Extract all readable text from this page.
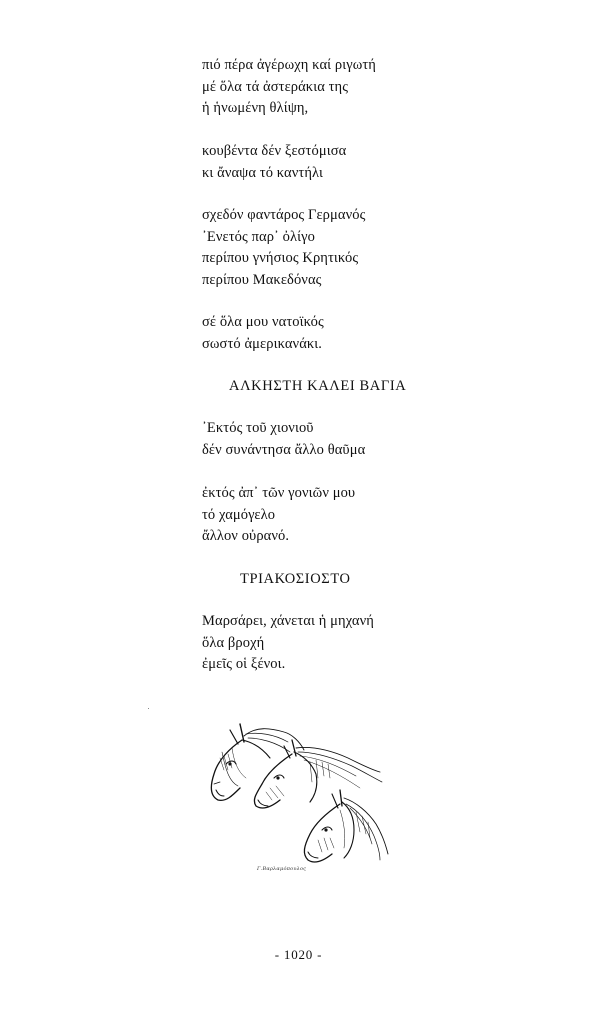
πιό πέρα ἀγέρωχη καί ριγωτή
μέ ὅλα τά ἀστεράκια της
ἡ ἡνωμένη θλίψη,
κουβέντα δέν ξεστόμισα
κι ἄναψα τό καντήλι
σχεδόν φαντάρος Γερμανός
᾿Ενετός παρ᾿ ὀλίγο
περίπου γνήσιος Κρητικός
περίπου Μακεδόνας
σέ ὅλα μου νατοϊκός
σωστό ἀμερικανάκι.
ΑΛΚΗΣΤΗ ΚΑΛΕΙ ΒΑΓΙΑ
᾿Εκτός τοῦ χιονιοῦ
δέν συνάντησα ἄλλο θαῦμα
ἐκτός ἀπ᾿ τῶν γονιῶν μου
τό χαμόγελο
ἄλλον οὐρανό.
ΤΡΙΑΚΟΣΙΟΣΤΟ
Μαρσάρει, χάνεται ἡ μηχανή
ὅλα βροχή
ἐμεῖς οἱ ξένοι.
Γ.Βαρλαμόπουλος
- 1020 -
